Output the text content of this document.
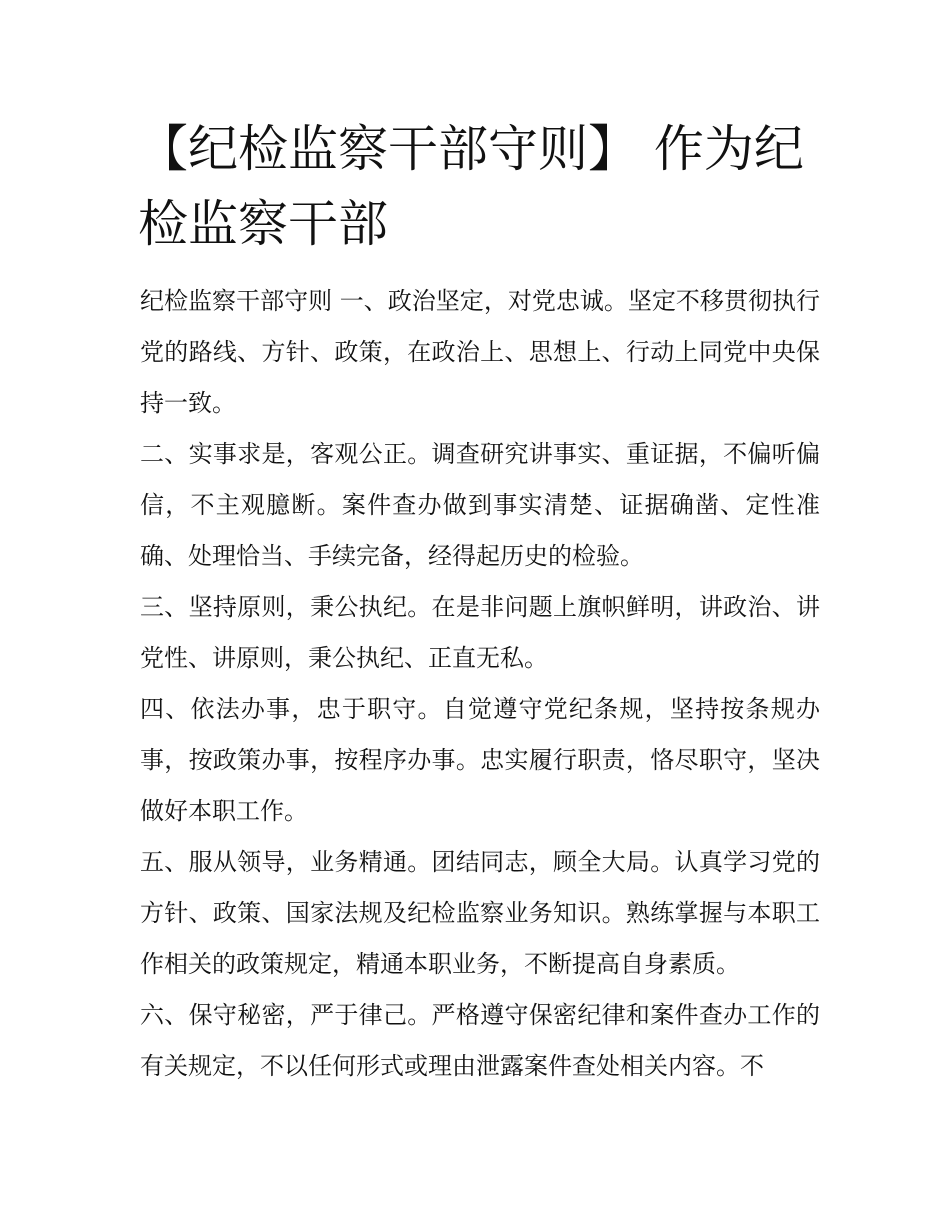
【纪检监察干部守则】 作为纪检监察干部

纪检监察干部守则 一、政治坚定，对党忠诚。坚定不移贯彻执行党的路线、方针、政策，在政治上、思想上、行动上同党中央保持一致。

二、实事求是，客观公正。调查研究讲事实、重证据，不偏听偏信，不主观臆断。案件查办做到事实清楚、证据确凿、定性准确、处理恰当、手续完备，经得起历史的检验。

三、坚持原则，秉公执纪。在是非问题上旗帜鲜明，讲政治、讲党性、讲原则，秉公执纪、正直无私。

四、依法办事，忠于职守。自觉遵守党纪条规，坚持按条规办事，按政策办事，按程序办事。忠实履行职责，恪尽职守，坚决做好本职工作。

五、服从领导，业务精通。团结同志，顾全大局。认真学习党的方针、政策、国家法规及纪检监察业务知识。熟练掌握与本职工作相关的政策规定，精通本职业务，不断提高自身素质。

六、保守秘密，严于律己。严格遵守保密纪律和案件查办工作的有关规定，不以任何形式或理由泄露案件查处相关内容。不
